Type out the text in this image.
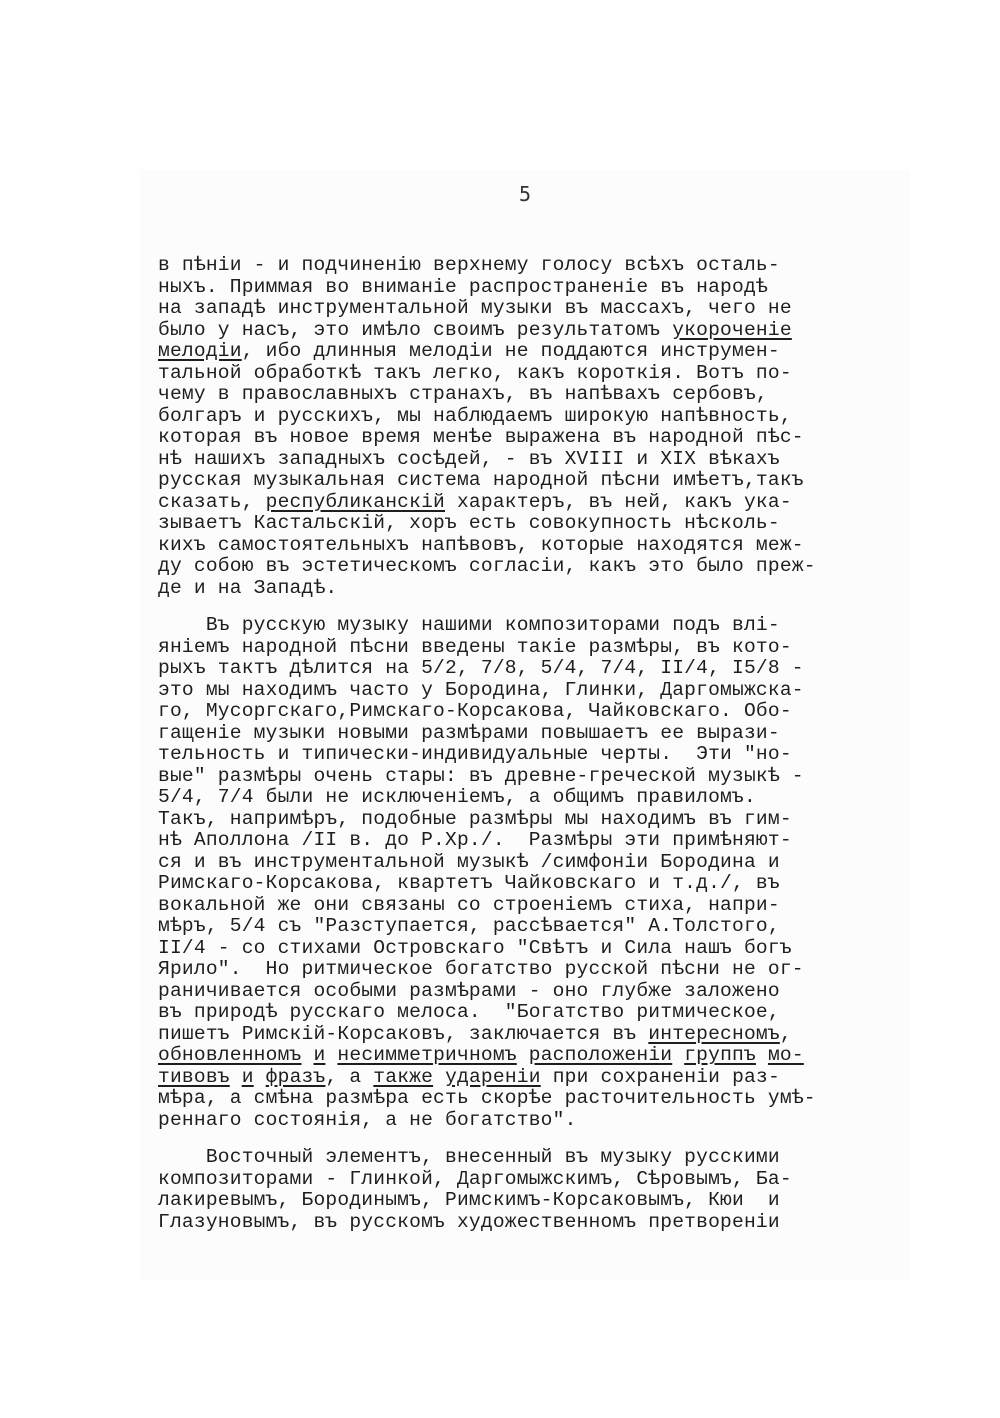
5
в пѣнiи - и подчиненiю верхнему голосу всѣхъ осталь-
ныхъ. Приммая во вниманiе распространенiе въ народѣ
на западѣ инструментальной музыки въ массахъ, чего не
было у насъ, это имѣло своимъ результатомъ укороченiе
мелодiи, ибо длинныя мелодiи не поддаются инструмен-
тальной обработкѣ такъ легко, какъ короткiя. Вотъ по-
чему в православныхъ странахъ, въ напѣвахъ сербовъ,
болгаръ и русскихъ, мы наблюдаемъ широкую напѣвность,
которая въ новое время менѣе выражена въ народной пѣс-
нѣ нашихъ западныхъ сосѣдей, - въ XVIII и XIX вѣкахъ
русская музыкальная система народной пѣсни имѣетъ,такъ
сказать, республиканскiй характеръ, въ ней, какъ ука-
зываетъ Кастальскiй, хоръ есть совокупность нѣсколь-
кихъ самостоятельныхъ напѣвовъ, которые находятся меж-
ду собою въ эстетическомъ согласiи, какъ это было преж-
де и на Западѣ.
Въ русскую музыку нашими композиторами подъ влi-
янiемъ народной пѣсни введены такiе размѣры, въ кото-
рыхъ тактъ дѣлится на 5/2, 7/8, 5/4, 7/4, II/4, I5/8 -
это мы находимъ часто у Бородина, Глинки, Даргомыжска-
го, Мусоргскаго,Римскаго-Корсакова, Чайковскаго. Обо-
гащенiе музыки новыми размѣрами повышаетъ ее вырази-
тельность и типически-индивидуальные черты.  Эти "но-
вые" размѣры очень стары: въ древне-греческой музыкѣ -
5/4, 7/4 были не исключенiемъ, а общимъ правиломъ.
Такъ, напримѣръ, подобные размѣры мы находимъ въ гим-
нѣ Аполлона /II в. до Р.Хр./.  Размѣры эти примѣняют-
ся и въ инструментальной музыкѣ /симфонiи Бородина и
Римскаго-Корсакова, квартетъ Чайковскаго и т.д./, въ
вокальной же они связаны со строенiемъ стиха, напри-
мѣръ, 5/4 съ "Разступается, расcѣвается" А.Толстого,
II/4 - со стихами Островскаго "Свѣтъ и Сила нашъ богъ
Ярило".  Но ритмическое богатство русской пѣсни не ог-
раничивается особыми размѣрами - оно глубже заложено
въ природѣ русскаго мелоса.  "Богатство ритмическое,
пишетъ Римскiй-Корсаковъ, заключается въ интересномъ,
обновленномъ и несимметричномъ расположенiи группъ мо-
тивовъ и фразъ, а также ударенiи при сохраненiи раз-
мѣра, а смѣна размѣра есть скорѣе расточительность умѣ-
реннаго состоянiя, а не богатство".
Восточный элементъ, внесенный въ музыку русскими
композиторами - Глинкой, Даргомыжскимъ, Сѣровымъ, Ба-
лакиревымъ, Бородинымъ, Римскимъ-Корсаковымъ, Кюи  и
Глазуновымъ, въ русскомъ художественномъ претворенiи
